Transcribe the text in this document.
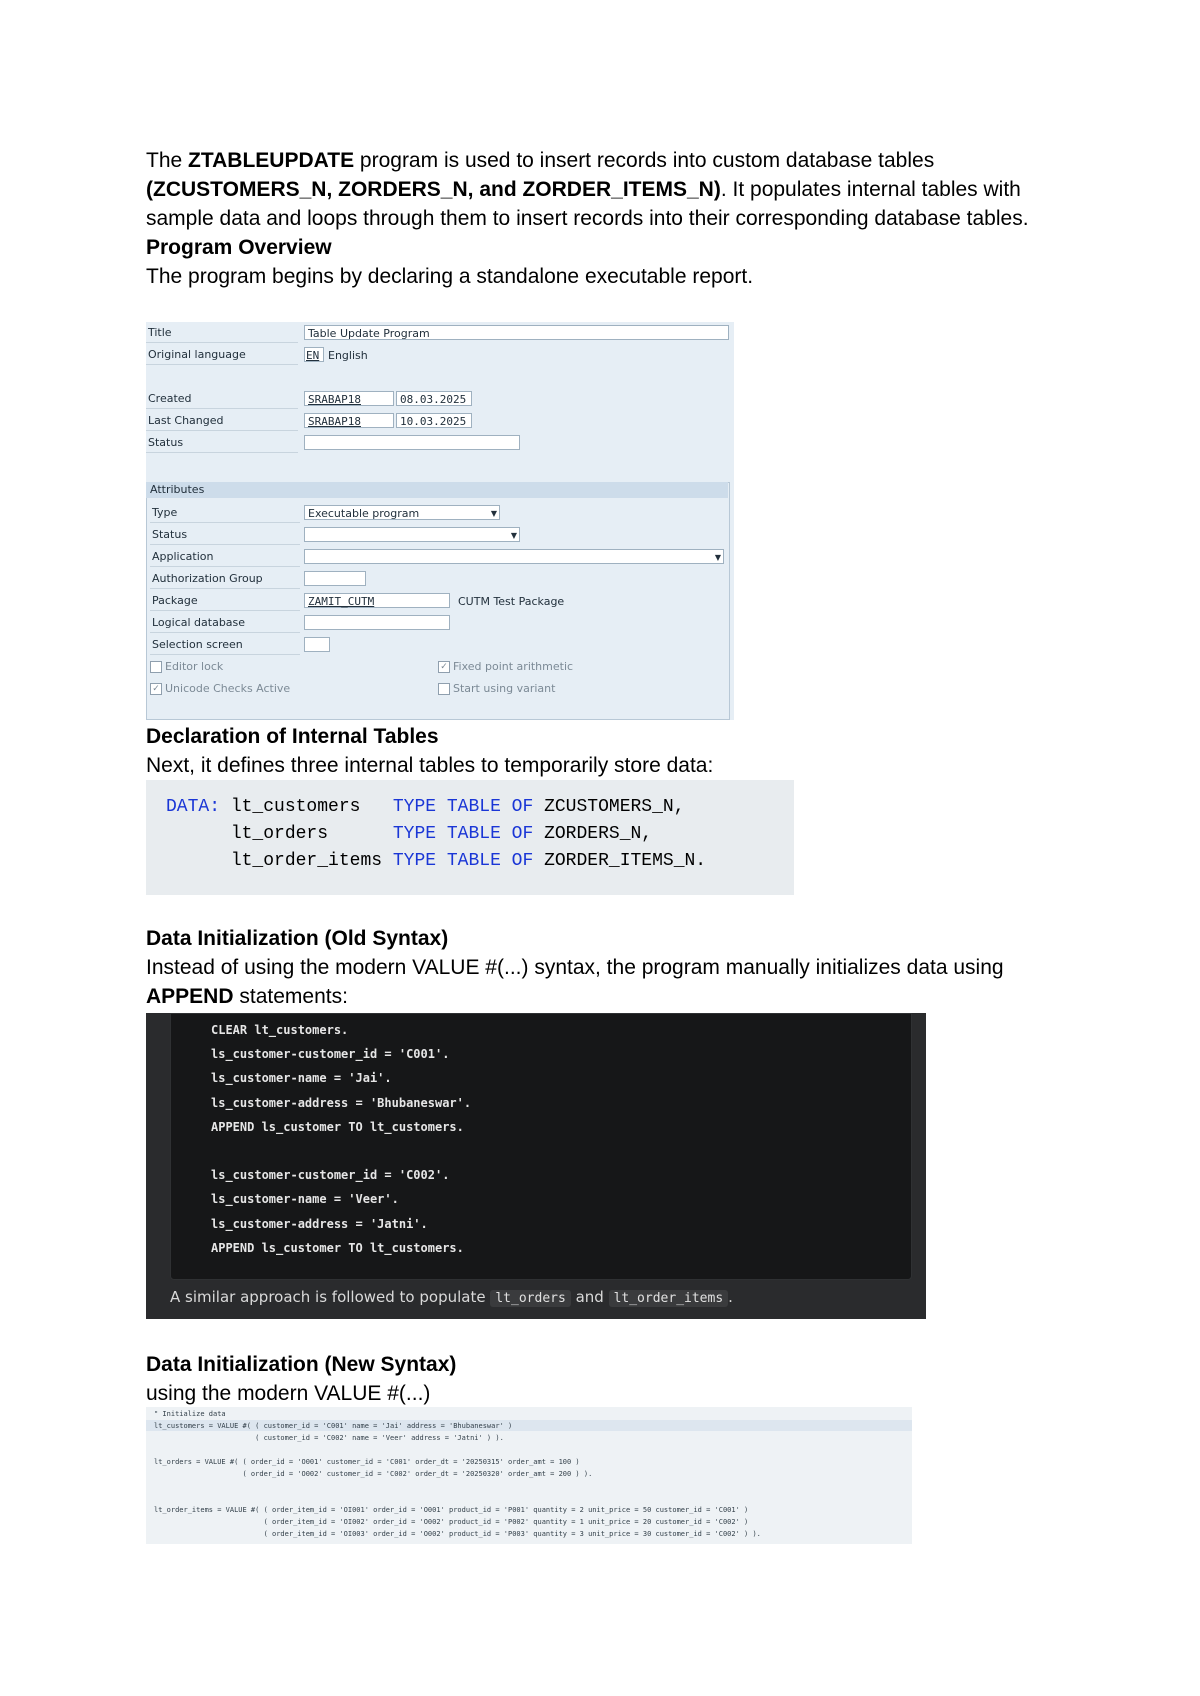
The ZTABLEUPDATE program is used to insert records into custom database tables (ZCUSTOMERS_N, ZORDERS_N, and ZORDER_ITEMS_N). It populates internal tables with sample data and loops through them to insert records into their corresponding database tables.

Program Overview

The program begins by declaring a standalone executable report.

Title	Table Update Program
Original language	EN English
Created	SRABAP18	08.03.2025
Last Changed	SRABAP18	10.03.2025
Status
Attributes
Type	Executable program	▼
Status	▼
Application	▼
Authorization Group
Package	ZAMIT_CUTM	CUTM Test Package
Logical database
Selection screen
Editor lock	✓ Fixed point arithmetic
✓ Unicode Checks Active	Start using variant
Declaration of Internal Tables

Next, it defines three internal tables to temporarily store data:

DATA: lt_customers   TYPE TABLE OF ZCUSTOMERS_N,
lt_orders      TYPE TABLE OF ZORDERS_N,
lt_order_items TYPE TABLE OF ZORDER_ITEMS_N.
Data Initialization (Old Syntax)

Instead of using the modern VALUE #(...) syntax, the program manually initializes data using APPEND statements:

CLEAR lt_customers.
ls_customer-customer_id = 'C001'.
ls_customer-name = 'Jai'.
ls_customer-address = 'Bhubaneswar'.
APPEND ls_customer TO lt_customers.
ls_customer-customer_id = 'C002'.
ls_customer-name = 'Veer'.
ls_customer-address = 'Jatni'.
APPEND ls_customer TO lt_customers.
A similar approach is followed to populate lt_orders and lt_order_items .
Data Initialization (New Syntax)

using the modern VALUE #(...)

" Initialize data
lt_customers = VALUE #( ( customer_id = 'C001' name = 'Jai' address = 'Bhubaneswar' )
( customer_id = 'C002' name = 'Veer' address = 'Jatni' ) ).
lt_orders = VALUE #( ( order_id = 'O001' customer_id = 'C001' order_dt = '20250315' order_amt = 100 )
( order_id = 'O002' customer_id = 'C002' order_dt = '20250320' order_amt = 200 ) ).
lt_order_items = VALUE #( ( order_item_id = 'OI001' order_id = 'O001' product_id = 'P001' quantity = 2 unit_price = 50 customer_id = 'C001' )
( order_item_id = 'OI002' order_id = 'O002' product_id = 'P002' quantity = 1 unit_price = 20 customer_id = 'C002' )
( order_item_id = 'OI003' order_id = 'O002' product_id = 'P003' quantity = 3 unit_price = 30 customer_id = 'C002' ) ).
